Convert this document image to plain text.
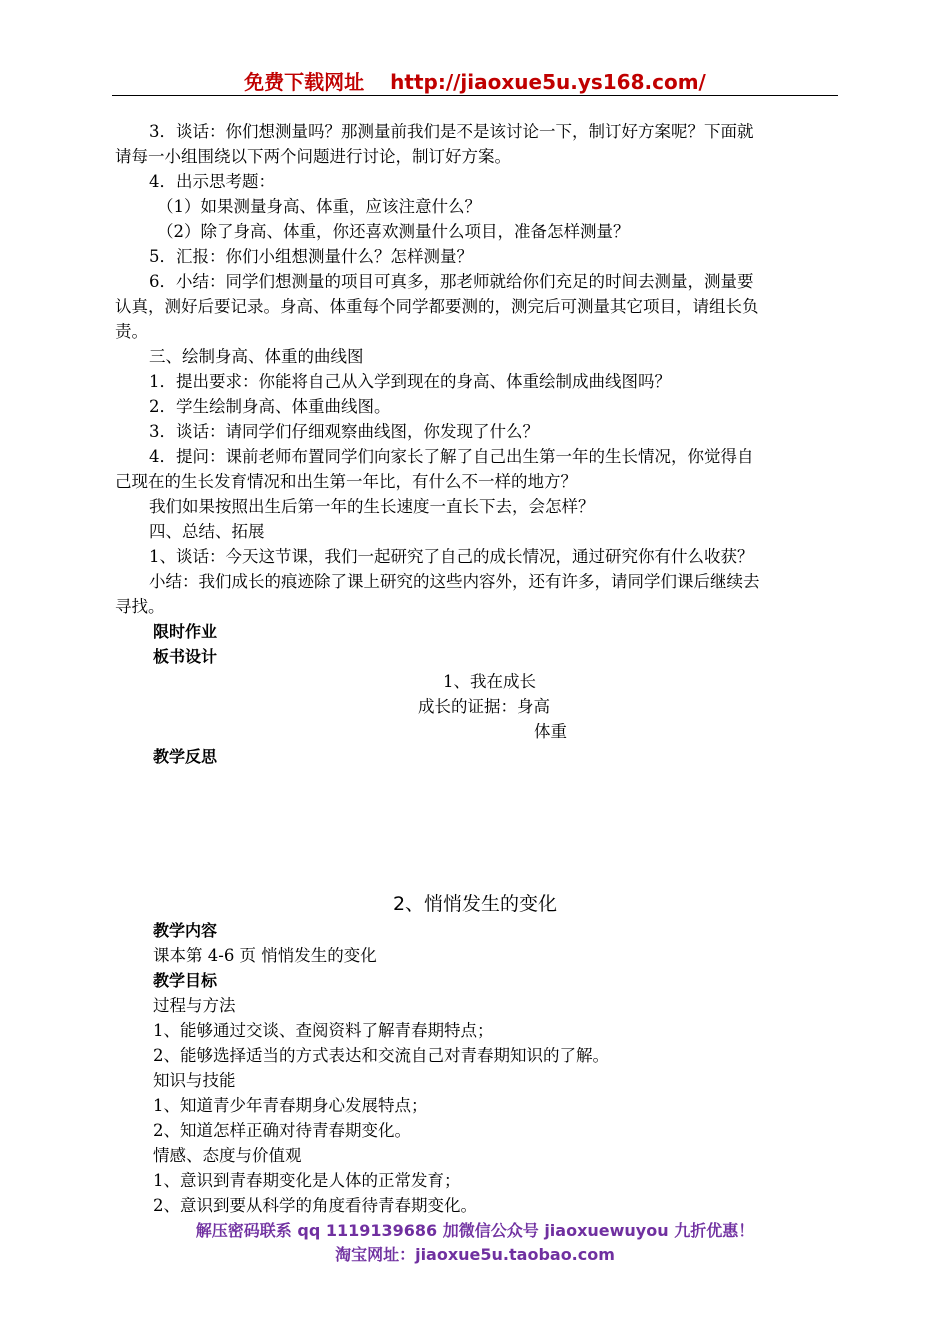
免费下载网址 http://jiaoxue5u.ys168.com/
3．谈话：你们想测量吗？那测量前我们是不是该讨论一下，制订好方案呢？下面就
请每一小组围绕以下两个问题进行讨论，制订好方案。
4．出示思考题：
（1）如果测量身高、体重，应该注意什么？
（2）除了身高、体重，你还喜欢测量什么项目，准备怎样测量？
5．汇报：你们小组想测量什么？怎样测量？
6．小结：同学们想测量的项目可真多，那老师就给你们充足的时间去测量，测量要
认真，测好后要记录。身高、体重每个同学都要测的，测完后可测量其它项目，请组长负
责。
三、绘制身高、体重的曲线图
1．提出要求：你能将自己从入学到现在的身高、体重绘制成曲线图吗？
2．学生绘制身高、体重曲线图。
3．谈话：请同学们仔细观察曲线图，你发现了什么？
4．提问：课前老师布置同学们向家长了解了自己出生第一年的生长情况，你觉得自
己现在的生长发育情况和出生第一年比，有什么不一样的地方？
我们如果按照出生后第一年的生长速度一直长下去，会怎样？
四、总结、拓展
1、谈话：今天这节课，我们一起研究了自己的成长情况，通过研究你有什么收获？
小结：我们成长的痕迹除了课上研究的这些内容外，还有许多，请同学们课后继续去
寻找。
限时作业
板书设计
1、我在成长
成长的证据：身高
体重
教学反思
2、悄悄发生的变化
教学内容
课本第 4-6 页 悄悄发生的变化
教学目标
过程与方法
1、能够通过交谈、查阅资料了解青春期特点；
2、能够选择适当的方式表达和交流自己对青春期知识的了解。
知识与技能
1、知道青少年青春期身心发展特点；
2、知道怎样正确对待青春期变化。
情感、态度与价值观
1、意识到青春期变化是人体的正常发育；
2、意识到要从科学的角度看待青春期变化。
解压密码联系 qq 1119139686 加微信公众号 jiaoxuewuyou 九折优惠！
淘宝网址：jiaoxue5u.taobao.com
